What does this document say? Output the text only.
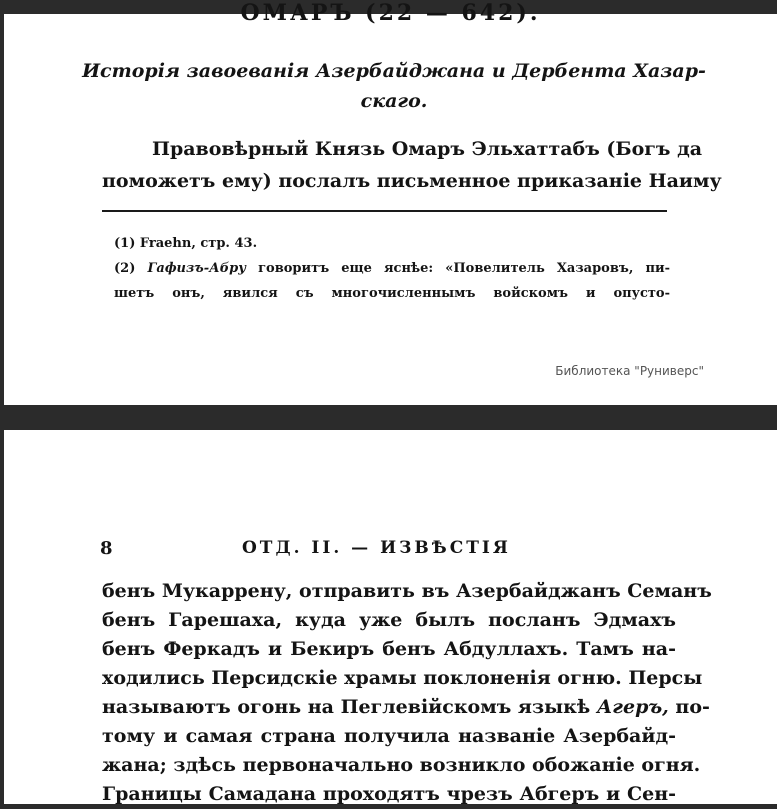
ОМАРЪ (22 — 642).
Исторія завоеванія Азербайджана и Дербента Хазар-
скаго.
Правовѣрный Князь Омаръ Эльхаттабъ (Богъ да
поможетъ ему) послалъ письменное приказаніе Наиму
(1) Fraehn, стр. 43.
(2) Гафизъ-Абру говоритъ еще яснѣе: «Повелитель Хазаровъ, пи-
шетъ онъ, явился съ многочисленнымъ войскомъ и опусто-
Библиотека "Руниверс"
8	ОТД. II. — ИЗВѢСТІЯ
бенъ Мукаррену, отправить въ Азербайджанъ Семанъ
бенъ Гарешаха, куда уже былъ посланъ Эдмахъ
бенъ Феркадъ и Бекиръ бенъ Абдуллахъ. Тамъ на-
ходились Персидскіе храмы поклоненія огню. Персы
называютъ огонь на Пеглевійскомъ языкѣ Агеръ, по-
тому и самая страна получила названіе Азербайд-
жана; здѣсь первоначально возникло обожаніе огня.
Границы Самадана проходятъ чрезъ Абгеръ и Сен-
